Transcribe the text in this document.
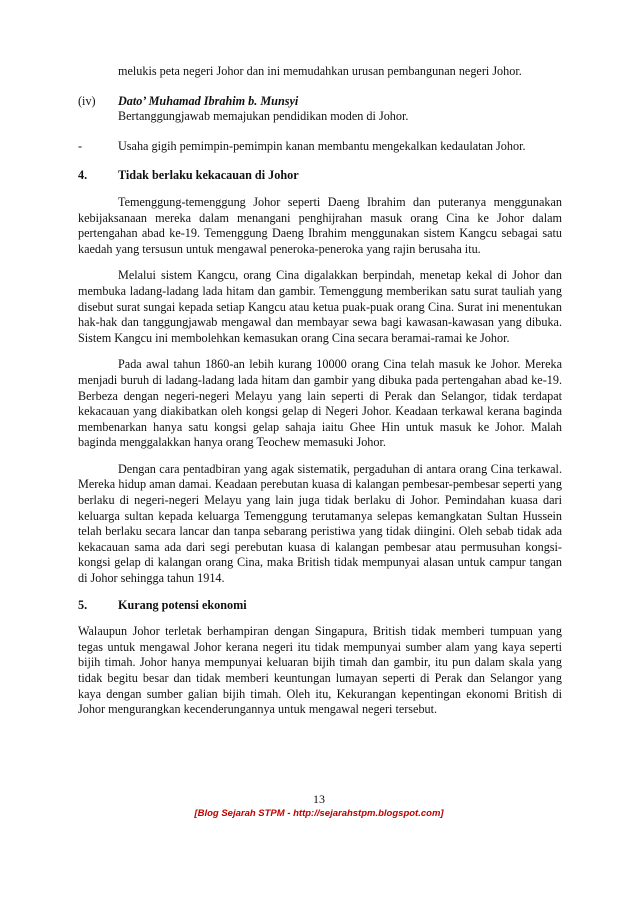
melukis peta negeri Johor dan ini memudahkan urusan pembangunan negeri Johor.

(iv)	Dato’ Muhamad Ibrahim b. Munsyi
Bertanggungjawab memajukan pendidikan moden di Johor.
-	Usaha gigih pemimpin-pemimpin kanan membantu mengekalkan kedaulatan Johor.
4.	Tidak berlaku kekacauan di Johor

Temenggung-temenggung Johor seperti Daeng Ibrahim dan puteranya menggunakan kebijaksanaan mereka dalam menangani penghijrahan masuk orang Cina ke Johor dalam pertengahan abad ke-19. Temenggung Daeng Ibrahim menggunakan sistem Kangcu sebagai satu kaedah yang tersusun untuk mengawal peneroka-peneroka yang rajin berusaha itu.

Melalui sistem Kangcu, orang Cina digalakkan berpindah, menetap kekal di Johor dan membuka ladang-ladang lada hitam dan gambir. Temenggung memberikan satu surat tauliah yang disebut surat sungai kepada setiap Kangcu atau ketua puak-puak orang Cina. Surat ini menentukan hak-hak dan tanggungjawab mengawal dan membayar sewa bagi kawasan-kawasan yang dibuka. Sistem Kangcu ini membolehkan kemasukan orang Cina secara beramai-ramai ke Johor.

Pada awal tahun 1860-an lebih kurang 10000 orang Cina telah masuk ke Johor. Mereka menjadi buruh di ladang-ladang lada hitam dan gambir yang dibuka pada pertengahan abad ke-19. Berbeza dengan negeri-negeri Melayu yang lain seperti di Perak dan Selangor, tidak terdapat kekacauan yang diakibatkan oleh kongsi gelap di Negeri Johor. Keadaan terkawal kerana baginda membenarkan hanya satu kongsi gelap sahaja iaitu Ghee Hin untuk masuk ke Johor. Malah baginda menggalakkan hanya orang Teochew memasuki Johor.

Dengan cara pentadbiran yang agak sistematik, pergaduhan di antara orang Cina terkawal. Mereka hidup aman damai. Keadaan perebutan kuasa di kalangan pembesar-pembesar seperti yang berlaku di negeri-negeri Melayu yang lain juga tidak berlaku di Johor. Pemindahan kuasa dari keluarga sultan kepada keluarga Temenggung terutamanya selepas kemangkatan Sultan Hussein telah berlaku secara lancar dan tanpa sebarang peristiwa yang tidak diingini. Oleh sebab tidak ada kekacauan sama ada dari segi perebutan kuasa di kalangan pembesar atau permusuhan kongsi-kongsi gelap di kalangan orang Cina, maka British tidak mempunyai alasan untuk campur tangan di Johor sehingga tahun 1914.

5.	Kurang potensi ekonomi

Walaupun Johor terletak berhampiran dengan Singapura, British tidak memberi tumpuan yang tegas untuk mengawal Johor kerana negeri itu tidak mempunyai sumber alam yang kaya seperti bijih timah. Johor hanya mempunyai keluaran bijih timah dan gambir, itu pun dalam skala yang tidak begitu besar dan tidak memberi keuntungan lumayan seperti di Perak dan Selangor yang kaya dengan sumber galian bijih timah. Oleh itu, Kekurangan kepentingan ekonomi British di Johor mengurangkan kecenderungannya untuk mengawal negeri tersebut.

13
[Blog Sejarah STPM - http://sejarahstpm.blogspot.com]
